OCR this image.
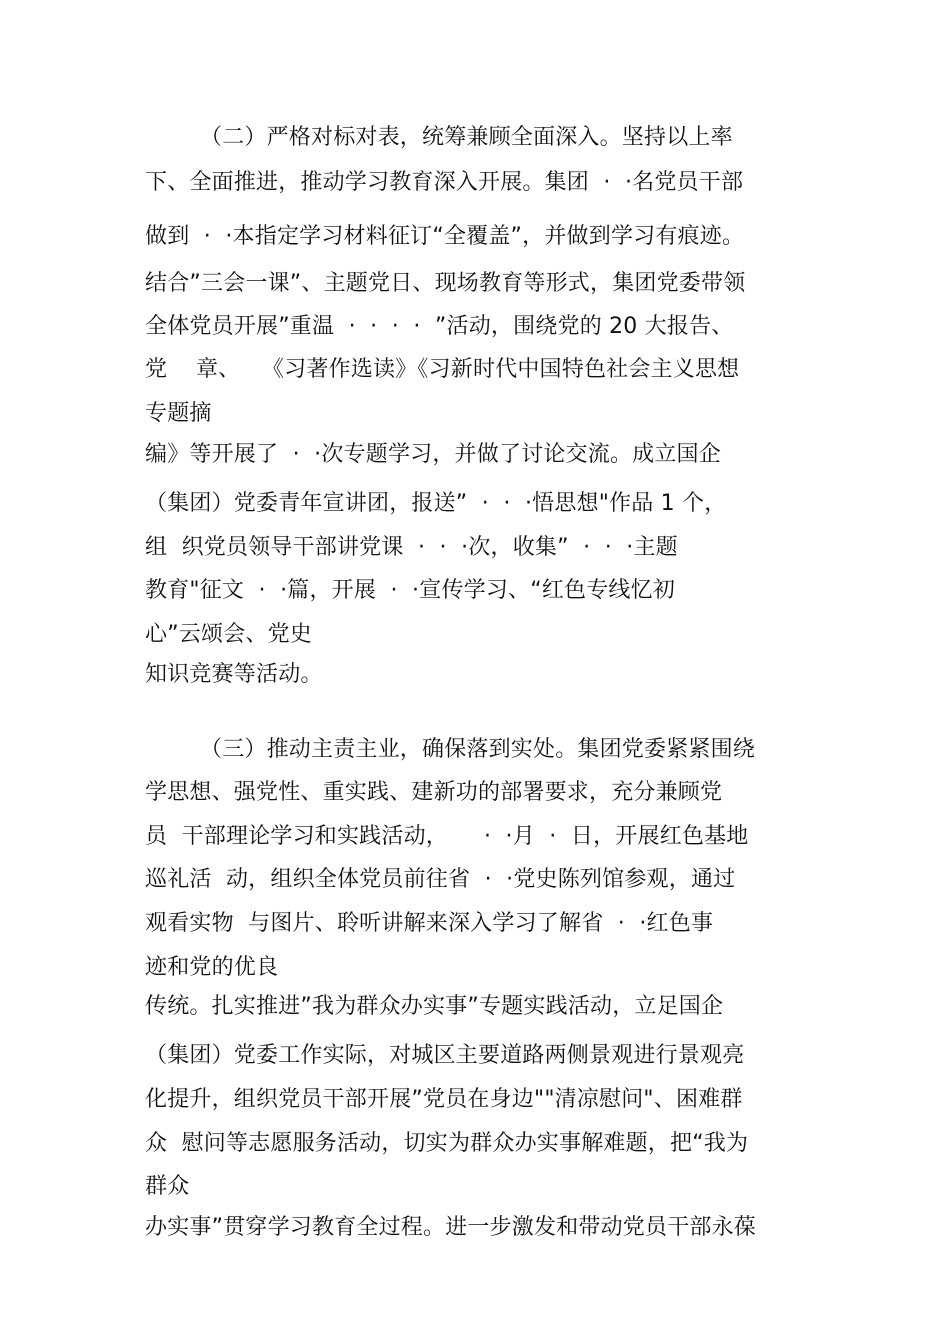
（二）严格对标对表，统筹兼顾全面深入。坚持以上率
下、全面推进，推动学习教育深入开展。集团  ·  ·名党员干部
做到  ·  ·本指定学习材料征订“全覆盖”，并做到学习有痕迹。
结合”三会一课”、主题党日、现场教育等形式，集团党委带领
全体党员开展”重温  ·  ·  ·  ·  ”活动，围绕党的 20 大报告、
党    章、   《习著作选读》《习新时代中国特色社会主义思想
专题摘
编》等开展了  ·  ·次专题学习，并做了讨论交流。成立国企
（集团）党委青年宣讲团，报送”  ·  ·  ·悟思想"作品 1 个，
组  织党员领导干部讲党课  ·  ·  ·次，收集”  ·  ·  ·主题
教育"征文  ·  ·篇，开展  ·  ·宣传学习、“红色专线忆初
心”云颂会、党史
知识竞赛等活动。
（三）推动主责主业，确保落到实处。集团党委紧紧围绕
学思想、强党性、重实践、建新功的部署要求，充分兼顾党
员  干部理论学习和实践活动，     ·  ·月  ·  日，开展红色基地
巡礼活  动，组织全体党员前往省  ·  ·党史陈列馆参观，通过
观看实物  与图片、聆听讲解来深入学习了解省  ·  ·红色事
迹和党的优良
传统。扎实推进”我为群众办实事”专题实践活动，立足国企
（集团）党委工作实际，对城区主要道路两侧景观进行景观亮
化提升，组织党员干部开展”党员在身边""清凉慰问"、困难群
众  慰问等志愿服务活动，切实为群众办实事解难题，把“我为
群众
办实事”贯穿学习教育全过程。进一步激发和带动党员干部永葆
